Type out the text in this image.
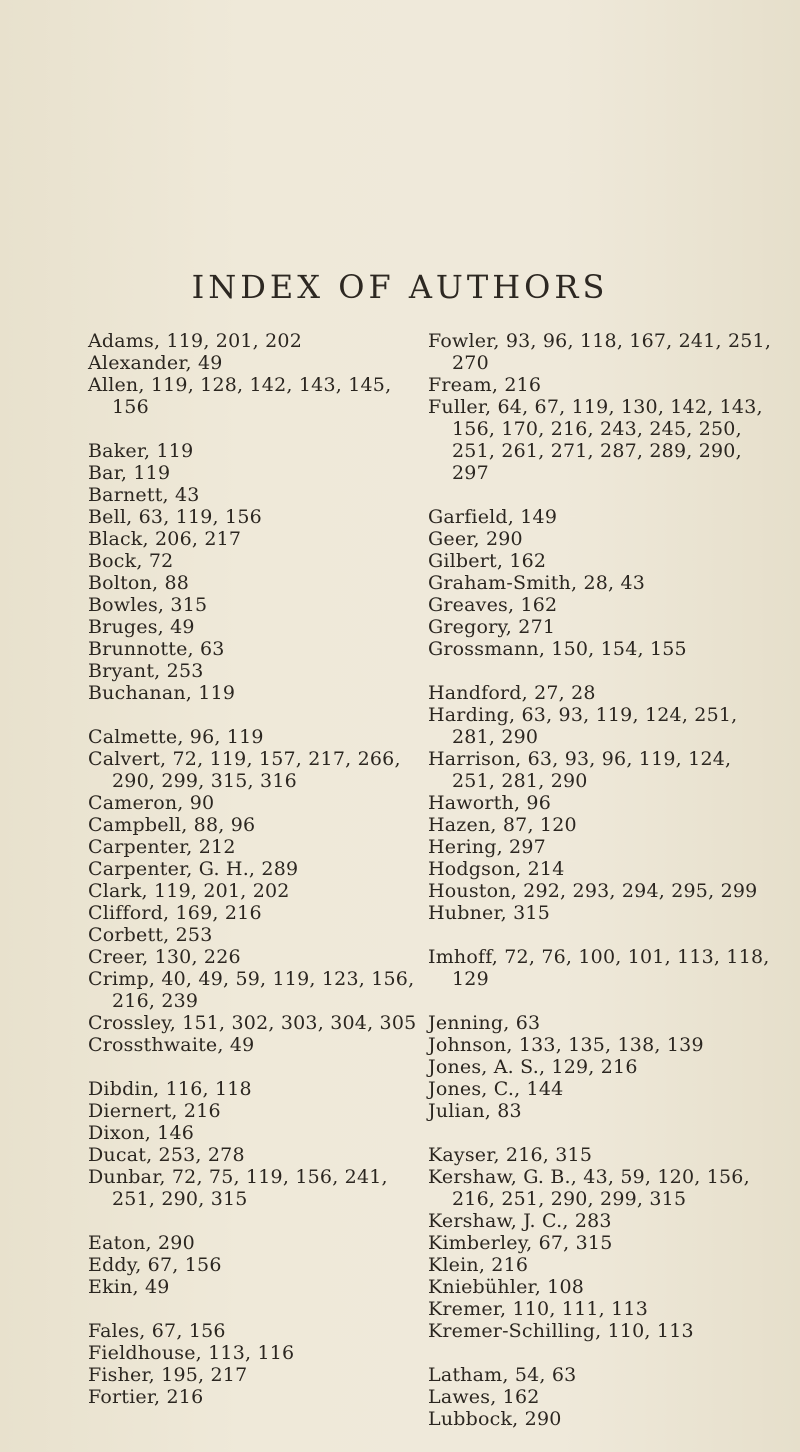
INDEX OF AUTHORS
Adams, 119, 201, 202
Alexander, 49
Allen, 119, 128, 142, 143, 145, 156
Baker, 119
Bar, 119
Barnett, 43
Bell, 63, 119, 156
Black, 206, 217
Bock, 72
Bolton, 88
Bowles, 315
Bruges, 49
Brunnotte, 63
Bryant, 253
Buchanan, 119
Calmette, 96, 119
Calvert, 72, 119, 157, 217, 266, 290, 299, 315, 316
Cameron, 90
Campbell, 88, 96
Carpenter, 212
Carpenter, G. H., 289
Clark, 119, 201, 202
Clifford, 169, 216
Corbett, 253
Creer, 130, 226
Crimp, 40, 49, 59, 119, 123, 156, 216, 239
Crossley, 151, 302, 303, 304, 305
Crossthwaite, 49
Dibdin, 116, 118
Diernert, 216
Dixon, 146
Ducat, 253, 278
Dunbar, 72, 75, 119, 156, 241, 251, 290, 315
Eaton, 290
Eddy, 67, 156
Ekin, 49
Fales, 67, 156
Fieldhouse, 113, 116
Fisher, 195, 217
Fortier, 216
Fowler, 93, 96, 118, 167, 241, 251, 270
Fream, 216
Fuller, 64, 67, 119, 130, 142, 143, 156, 170, 216, 243, 245, 250, 251, 261, 271, 287, 289, 290, 297
Garfield, 149
Geer, 290
Gilbert, 162
Graham-Smith, 28, 43
Greaves, 162
Gregory, 271
Grossmann, 150, 154, 155
Handford, 27, 28
Harding, 63, 93, 119, 124, 251, 281, 290
Harrison, 63, 93, 96, 119, 124, 251, 281, 290
Haworth, 96
Hazen, 87, 120
Hering, 297
Hodgson, 214
Houston, 292, 293, 294, 295, 299
Hubner, 315
Imhoff, 72, 76, 100, 101, 113, 118, 129
Jenning, 63
Johnson, 133, 135, 138, 139
Jones, A. S., 129, 216
Jones, C., 144
Julian, 83
Kayser, 216, 315
Kershaw, G. B., 43, 59, 120, 156, 216, 251, 290, 299, 315
Kershaw, J. C., 283
Kimberley, 67, 315
Klein, 216
Kniebühler, 108
Kremer, 110, 111, 113
Kremer-Schilling, 110, 113
Latham, 54, 63
Lawes, 162
Lubbock, 290
